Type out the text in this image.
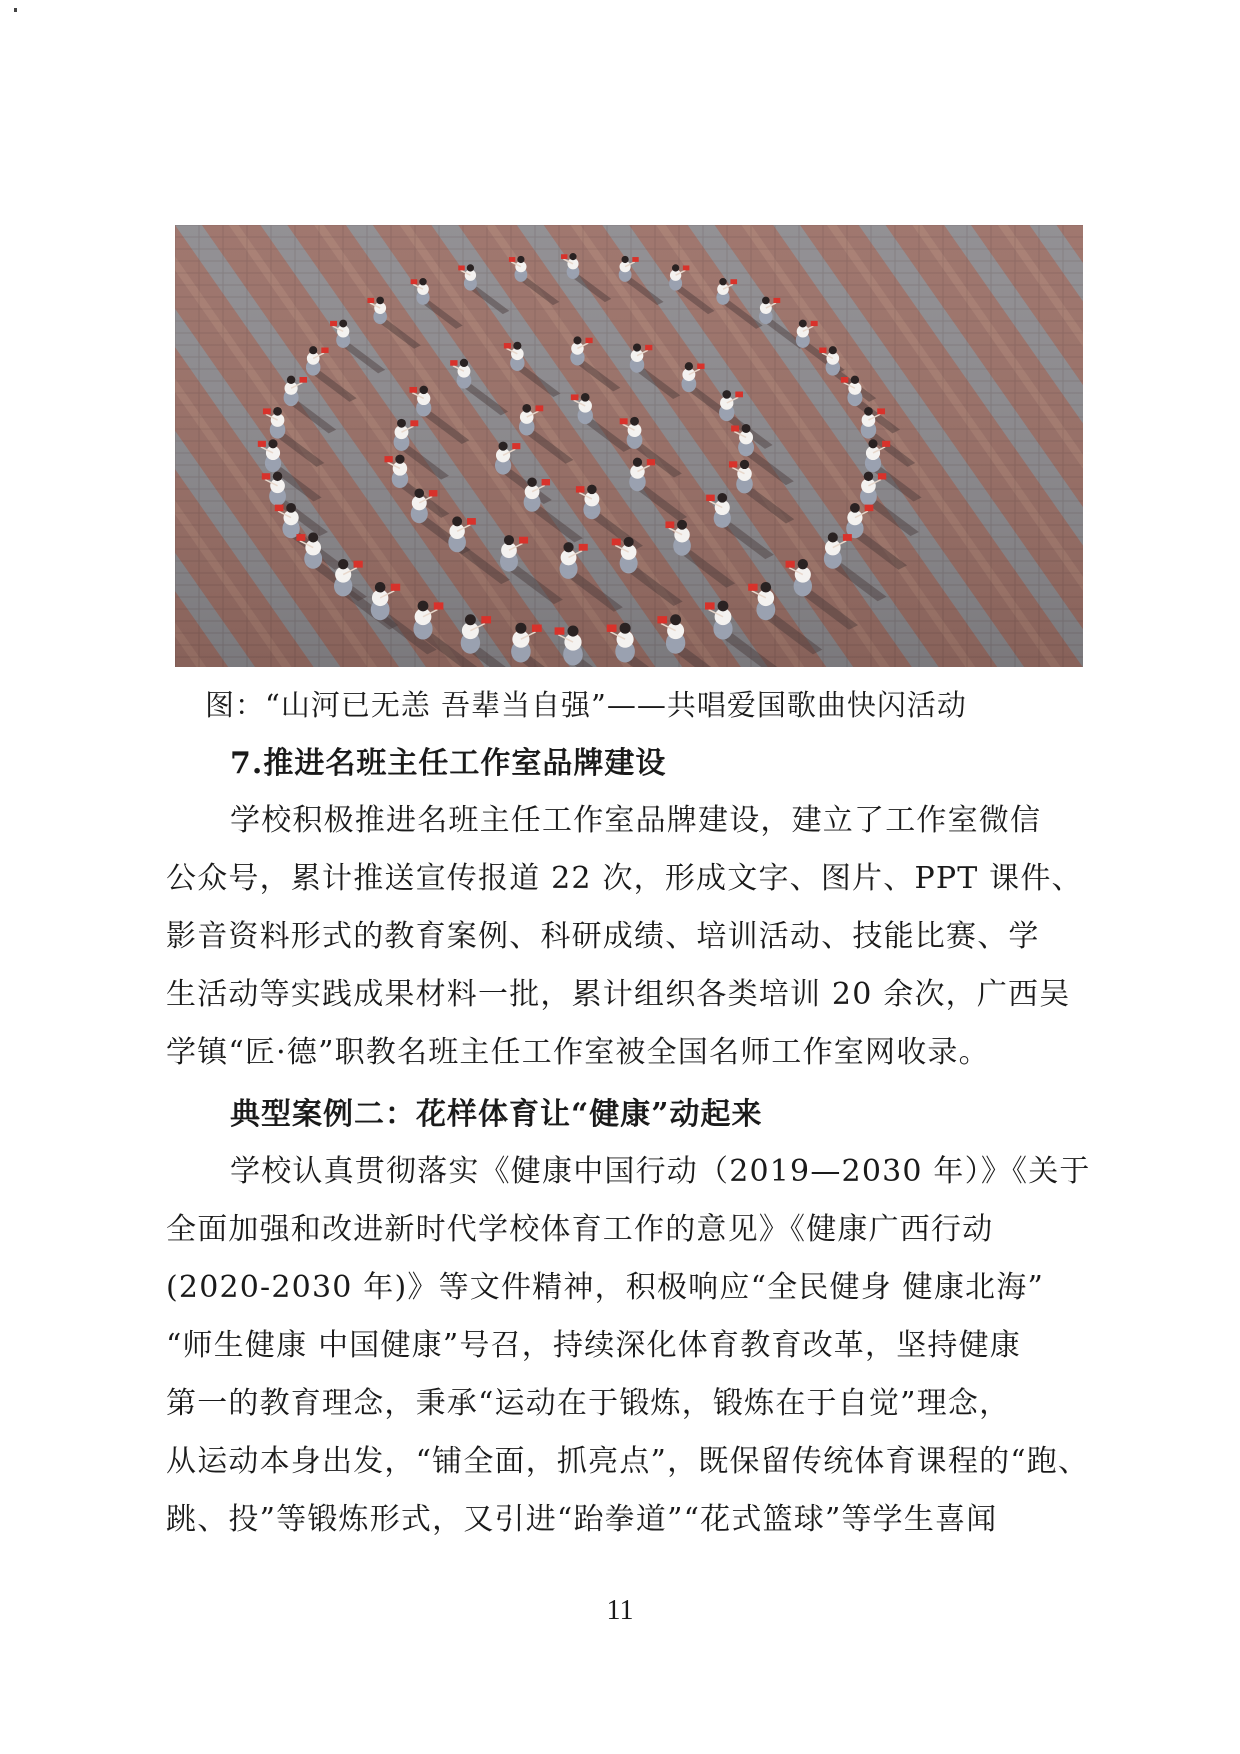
图：“山河已无恙 吾辈当自强”——共唱爱国歌曲快闪活动
7.推进名班主任工作室品牌建设
学校积极推进名班主任工作室品牌建设，建立了工作室微信
公众号，累计推送宣传报道 22 次，形成文字、图片、PPT 课件、
影音资料形式的教育案例、科研成绩、培训活动、技能比赛、学
生活动等实践成果材料一批，累计组织各类培训 20 余次，广西吴
学镇“匠·德”职教名班主任工作室被全国名师工作室网收录。
典型案例二：花样体育让“健康”动起来
学校认真贯彻落实《健康中国行动（2019—2030 年）》《关于
全面加强和改进新时代学校体育工作的意见》《健康广西行动
(2020-2030 年)》等文件精神，积极响应“全民健身 健康北海”
“师生健康 中国健康”号召，持续深化体育教育改革，坚持健康
第一的教育理念，秉承“运动在于锻炼，锻炼在于自觉”理念，
从运动本身出发，“铺全面，抓亮点”，既保留传统体育课程的“跑、
跳、投”等锻炼形式，又引进“跆拳道”“花式篮球”等学生喜闻
11
